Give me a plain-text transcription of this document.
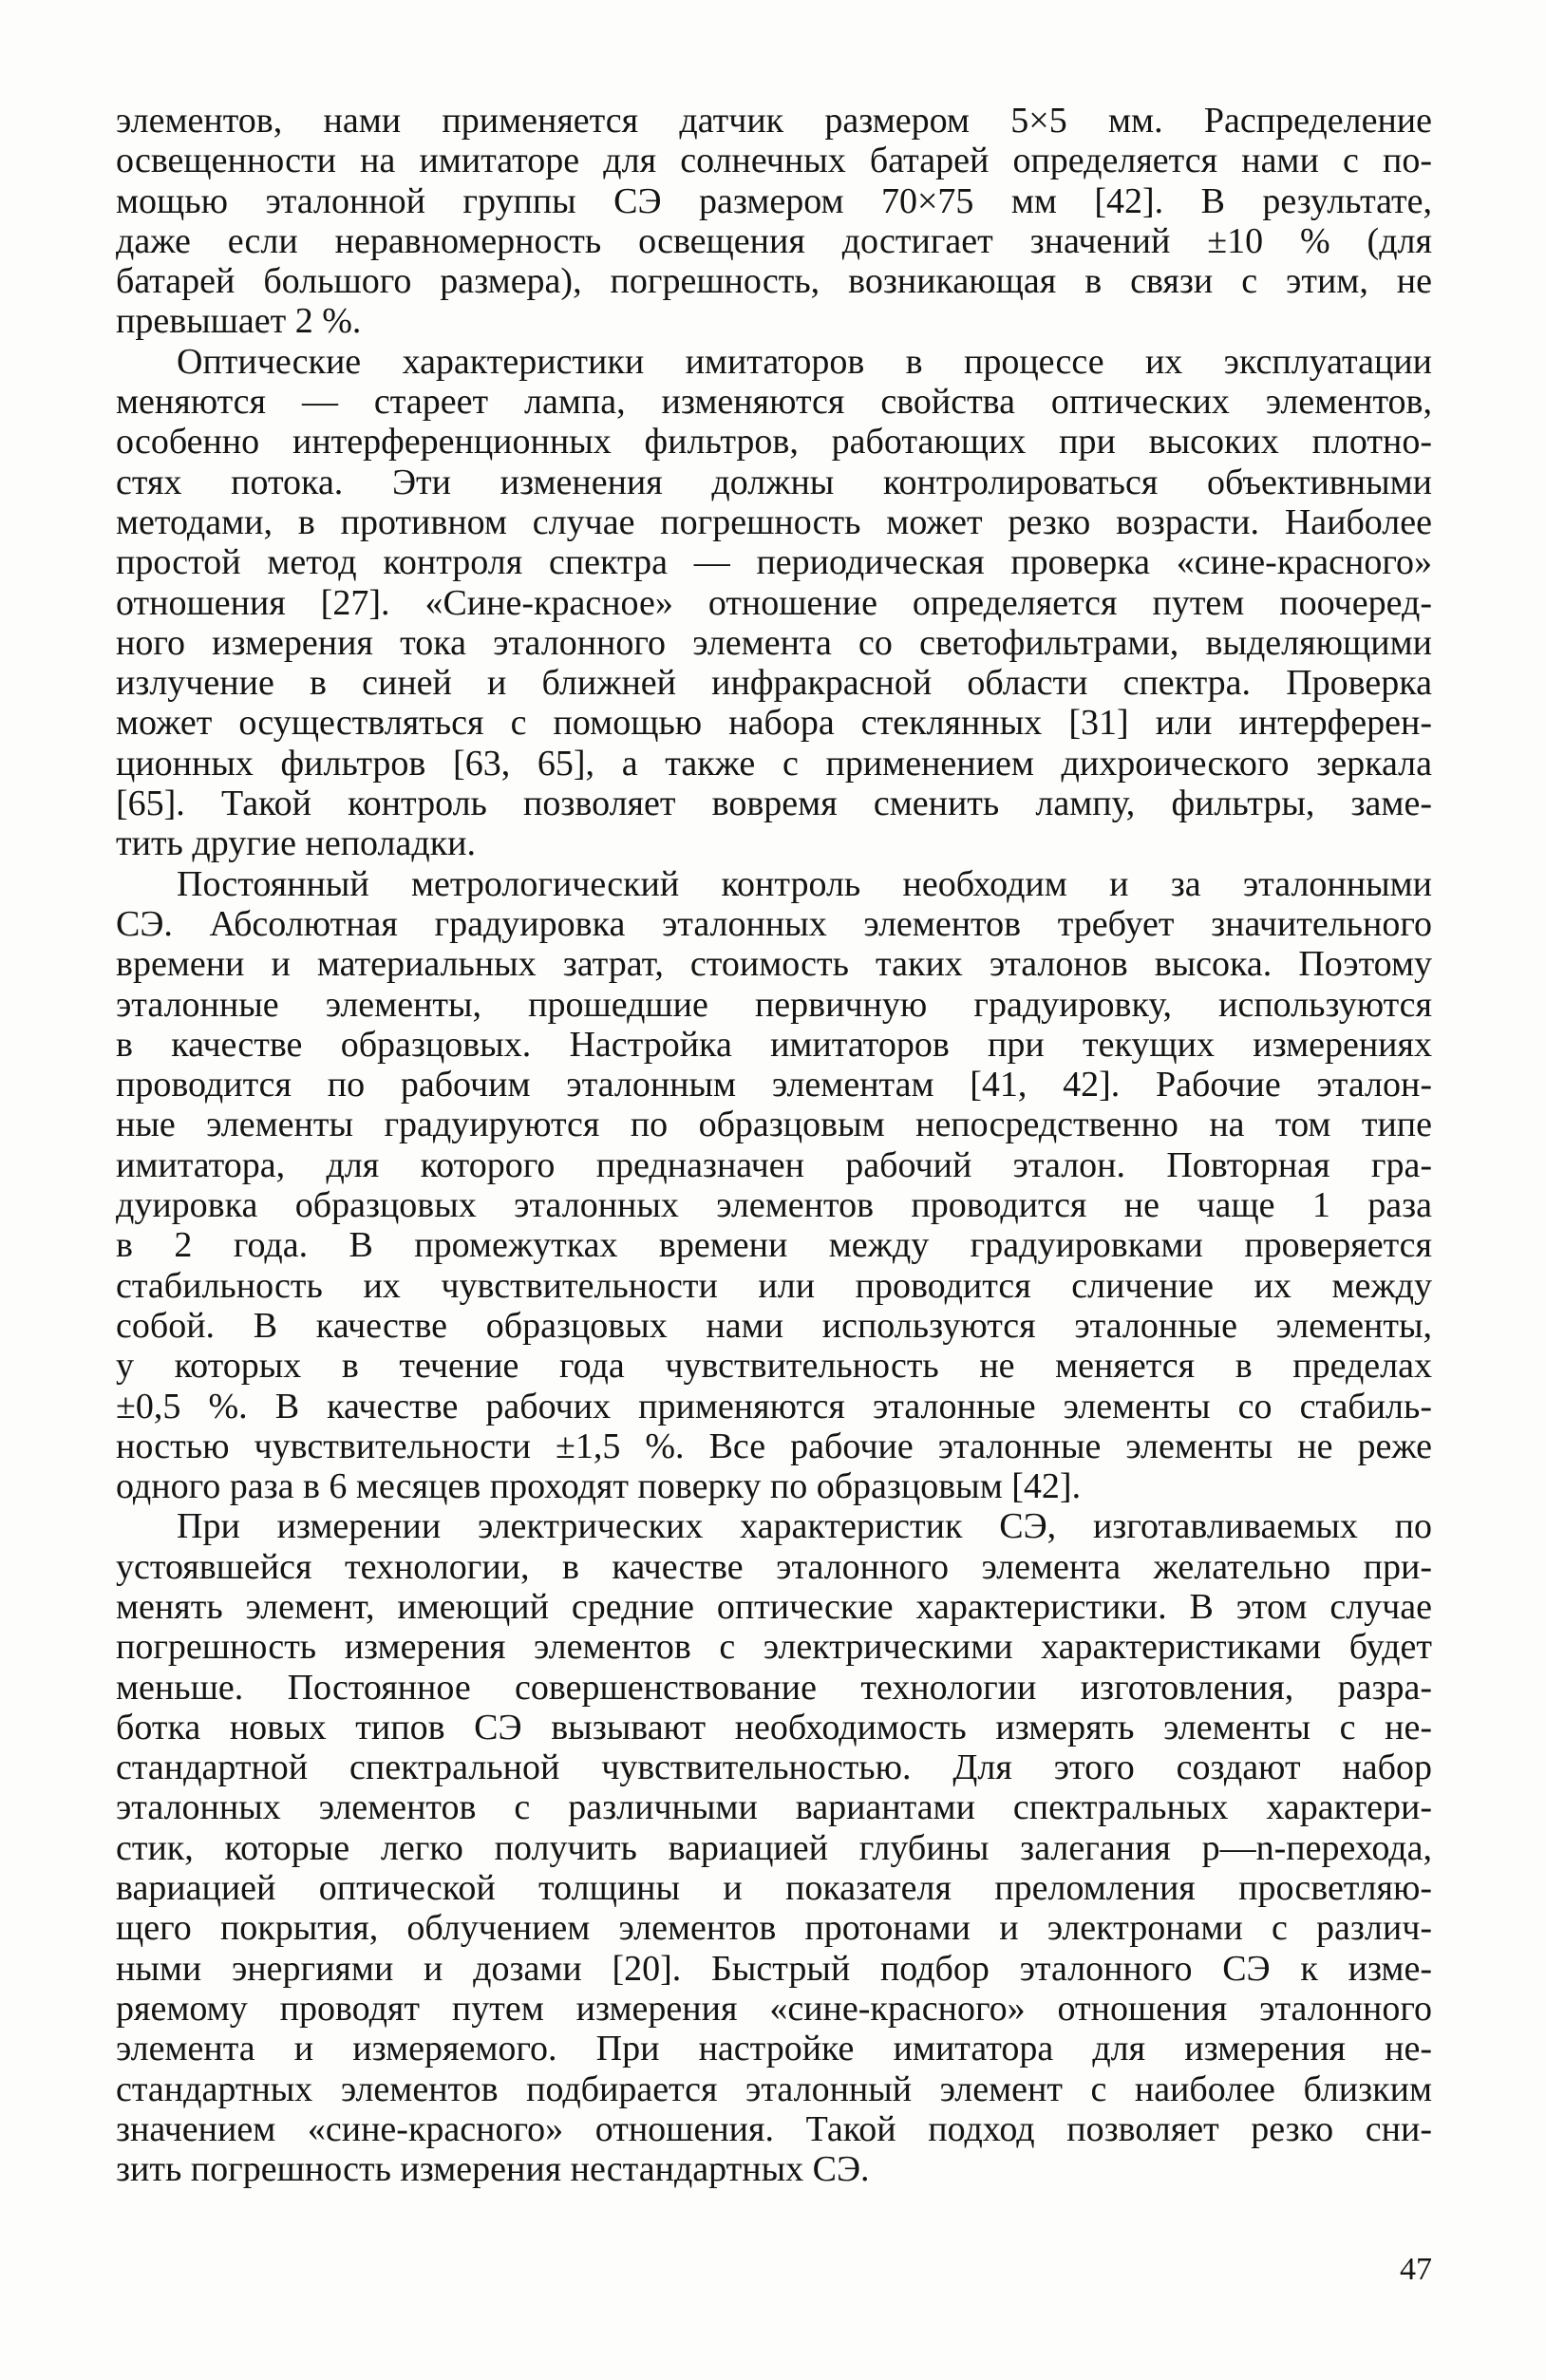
элементов, нами применяется датчик размером 5×5 мм. Распределение
освещенности на имитаторе для солнечных батарей определяется нами с по-
мощью эталонной группы СЭ размером 70×75 мм [42]. В результате,
даже если неравномерность освещения достигает значений ±10 % (для
батарей большого размера), погрешность, возникающая в связи с этим, не
превышает 2 %.
Оптические характеристики имитаторов в процессе их эксплуатации
меняются — стареет лампа, изменяются свойства оптических элементов,
особенно интерференционных фильтров, работающих при высоких плотно-
стях потока. Эти изменения должны контролироваться объективными
методами, в противном случае погрешность может резко возрасти. Наиболее
простой метод контроля спектра — периодическая проверка «сине-красного»
отношения [27]. «Сине-красное» отношение определяется путем поочеред-
ного измерения тока эталонного элемента со светофильтрами, выделяющими
излучение в синей и ближней инфракрасной области спектра. Проверка
может осуществляться с помощью набора стеклянных [31] или интерферен-
ционных фильтров [63, 65], а также с применением дихроического зеркала
[65]. Такой контроль позволяет вовремя сменить лампу, фильтры, заме-
тить другие неполадки.
Постоянный метрологический контроль необходим и за эталонными
СЭ. Абсолютная градуировка эталонных элементов требует значительного
времени и материальных затрат, стоимость таких эталонов высока. Поэтому
эталонные элементы, прошедшие первичную градуировку, используются
в качестве образцовых. Настройка имитаторов при текущих измерениях
проводится по рабочим эталонным элементам [41, 42]. Рабочие эталон-
ные элементы градуируются по образцовым непосредственно на том типе
имитатора, для которого предназначен рабочий эталон. Повторная гра-
дуировка образцовых эталонных элементов проводится не чаще 1 раза
в 2 года. В промежутках времени между градуировками проверяется
стабильность их чувствительности или проводится сличение их между
собой. В качестве образцовых нами используются эталонные элементы,
у которых в течение года чувствительность не меняется в пределах
±0,5 %. В качестве рабочих применяются эталонные элементы со стабиль-
ностью чувствительности ±1,5 %. Все рабочие эталонные элементы не реже
одного раза в 6 месяцев проходят поверку по образцовым [42].
При измерении электрических характеристик СЭ, изготавливаемых по
устоявшейся технологии, в качестве эталонного элемента желательно при-
менять элемент, имеющий средние оптические характеристики. В этом случае
погрешность измерения элементов с электрическими характеристиками будет
меньше. Постоянное совершенствование технологии изготовления, разра-
ботка новых типов СЭ вызывают необходимость измерять элементы с не-
стандартной спектральной чувствительностью. Для этого создают набор
эталонных элементов с различными вариантами спектральных характери-
стик, которые легко получить вариацией глубины залегания p—n-перехода,
вариацией оптической толщины и показателя преломления просветляю-
щего покрытия, облучением элементов протонами и электронами с различ-
ными энергиями и дозами [20]. Быстрый подбор эталонного СЭ к изме-
ряемому проводят путем измерения «сине-красного» отношения эталонного
элемента и измеряемого. При настройке имитатора для измерения не-
стандартных элементов подбирается эталонный элемент с наиболее близким
значением «сине-красного» отношения. Такой подход позволяет резко сни-
зить погрешность измерения нестандартных СЭ.
47
